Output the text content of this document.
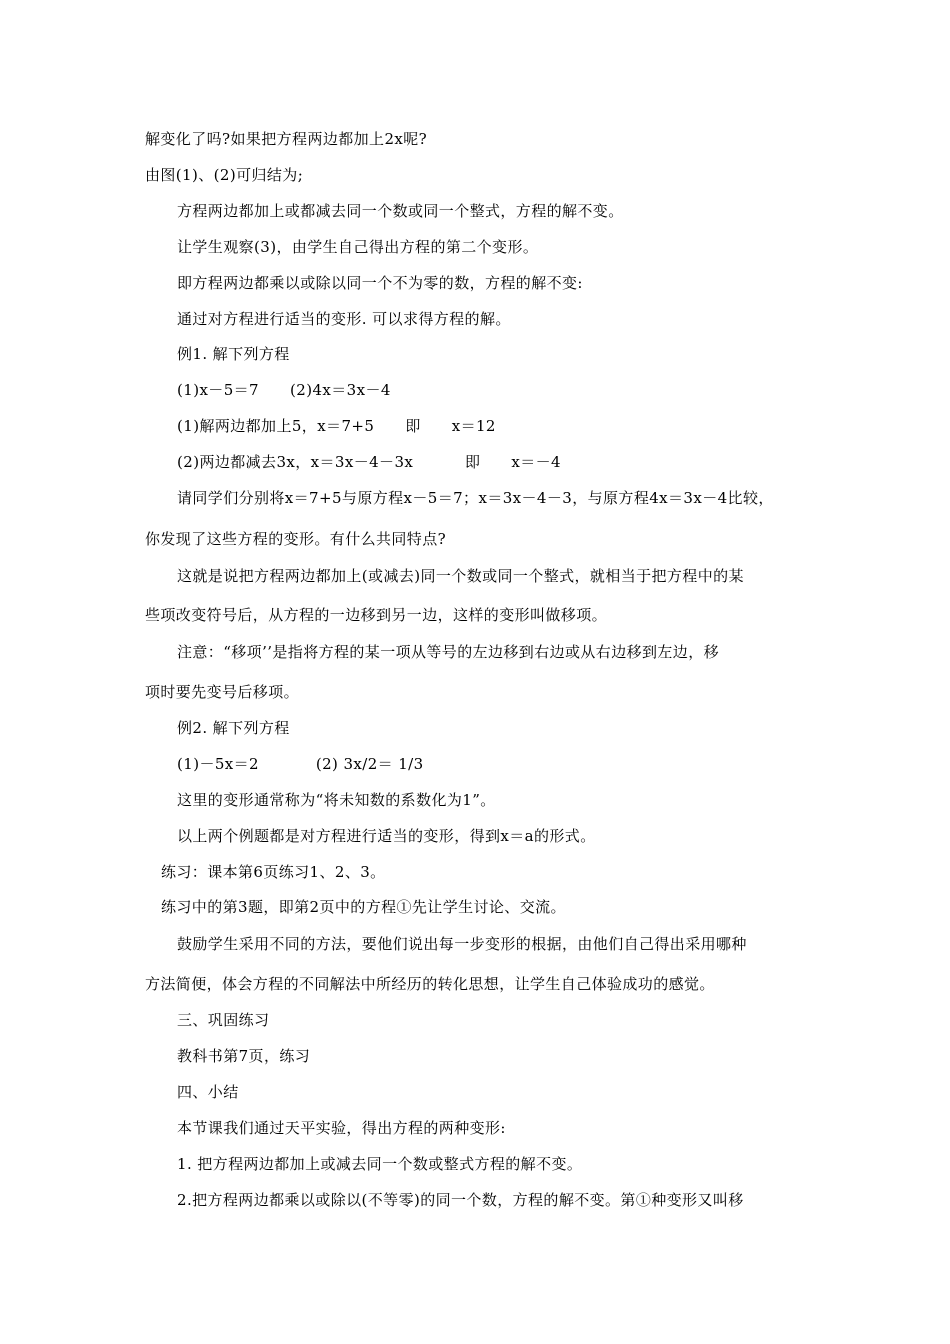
解变化了吗?如果把方程两边都加上2x呢?
由图(1)、(2)可归结为;
方程两边都加上或都减去同一个数或同一个整式，方程的解不变。
让学生观察(3)，由学生自己得出方程的第二个变形。
即方程两边都乘以或除以同一个不为零的数，方程的解不变:
通过对方程进行适当的变形. 可以求得方程的解。
例1. 解下列方程
(1)x－5＝7      (2)4x＝3x－4
(1)解两边都加上5，x＝7+5      即      x＝12
(2)两边都减去3x，x＝3x－4－3x          即      x＝－4
请同学们分别将x＝7+5与原方程x－5＝7；x＝3x－4－3，与原方程4x＝3x－4比较，
你发现了这些方程的变形。有什么共同特点?
这就是说把方程两边都加上(或减去)同一个数或同一个整式，就相当于把方程中的某
些项改变符号后，从方程的一边移到另一边，这样的变形叫做移项。
注意：“移项’’是指将方程的某一项从等号的左边移到右边或从右边移到左边，移
项时要先变号后移项。
例2. 解下列方程
(1)－5x＝2           (2) 3x/2＝ 1/3
这里的变形通常称为“将未知数的系数化为1”。
以上两个例题都是对方程进行适当的变形，得到x＝a的形式。
练习：课本第6页练习1、2、3。
练习中的第3题，即第2页中的方程①先让学生讨论、交流。
鼓励学生采用不同的方法，要他们说出每一步变形的根据，由他们自己得出采用哪种
方法简便，体会方程的不同解法中所经历的转化思想，让学生自己体验成功的感觉。
三、巩固练习
教科书第7页，练习
四、小结
本节课我们通过天平实验，得出方程的两种变形:
1. 把方程两边都加上或减去同一个数或整式方程的解不变。
2.把方程两边都乘以或除以(不等零)的同一个数，方程的解不变。第①种变形又叫移
